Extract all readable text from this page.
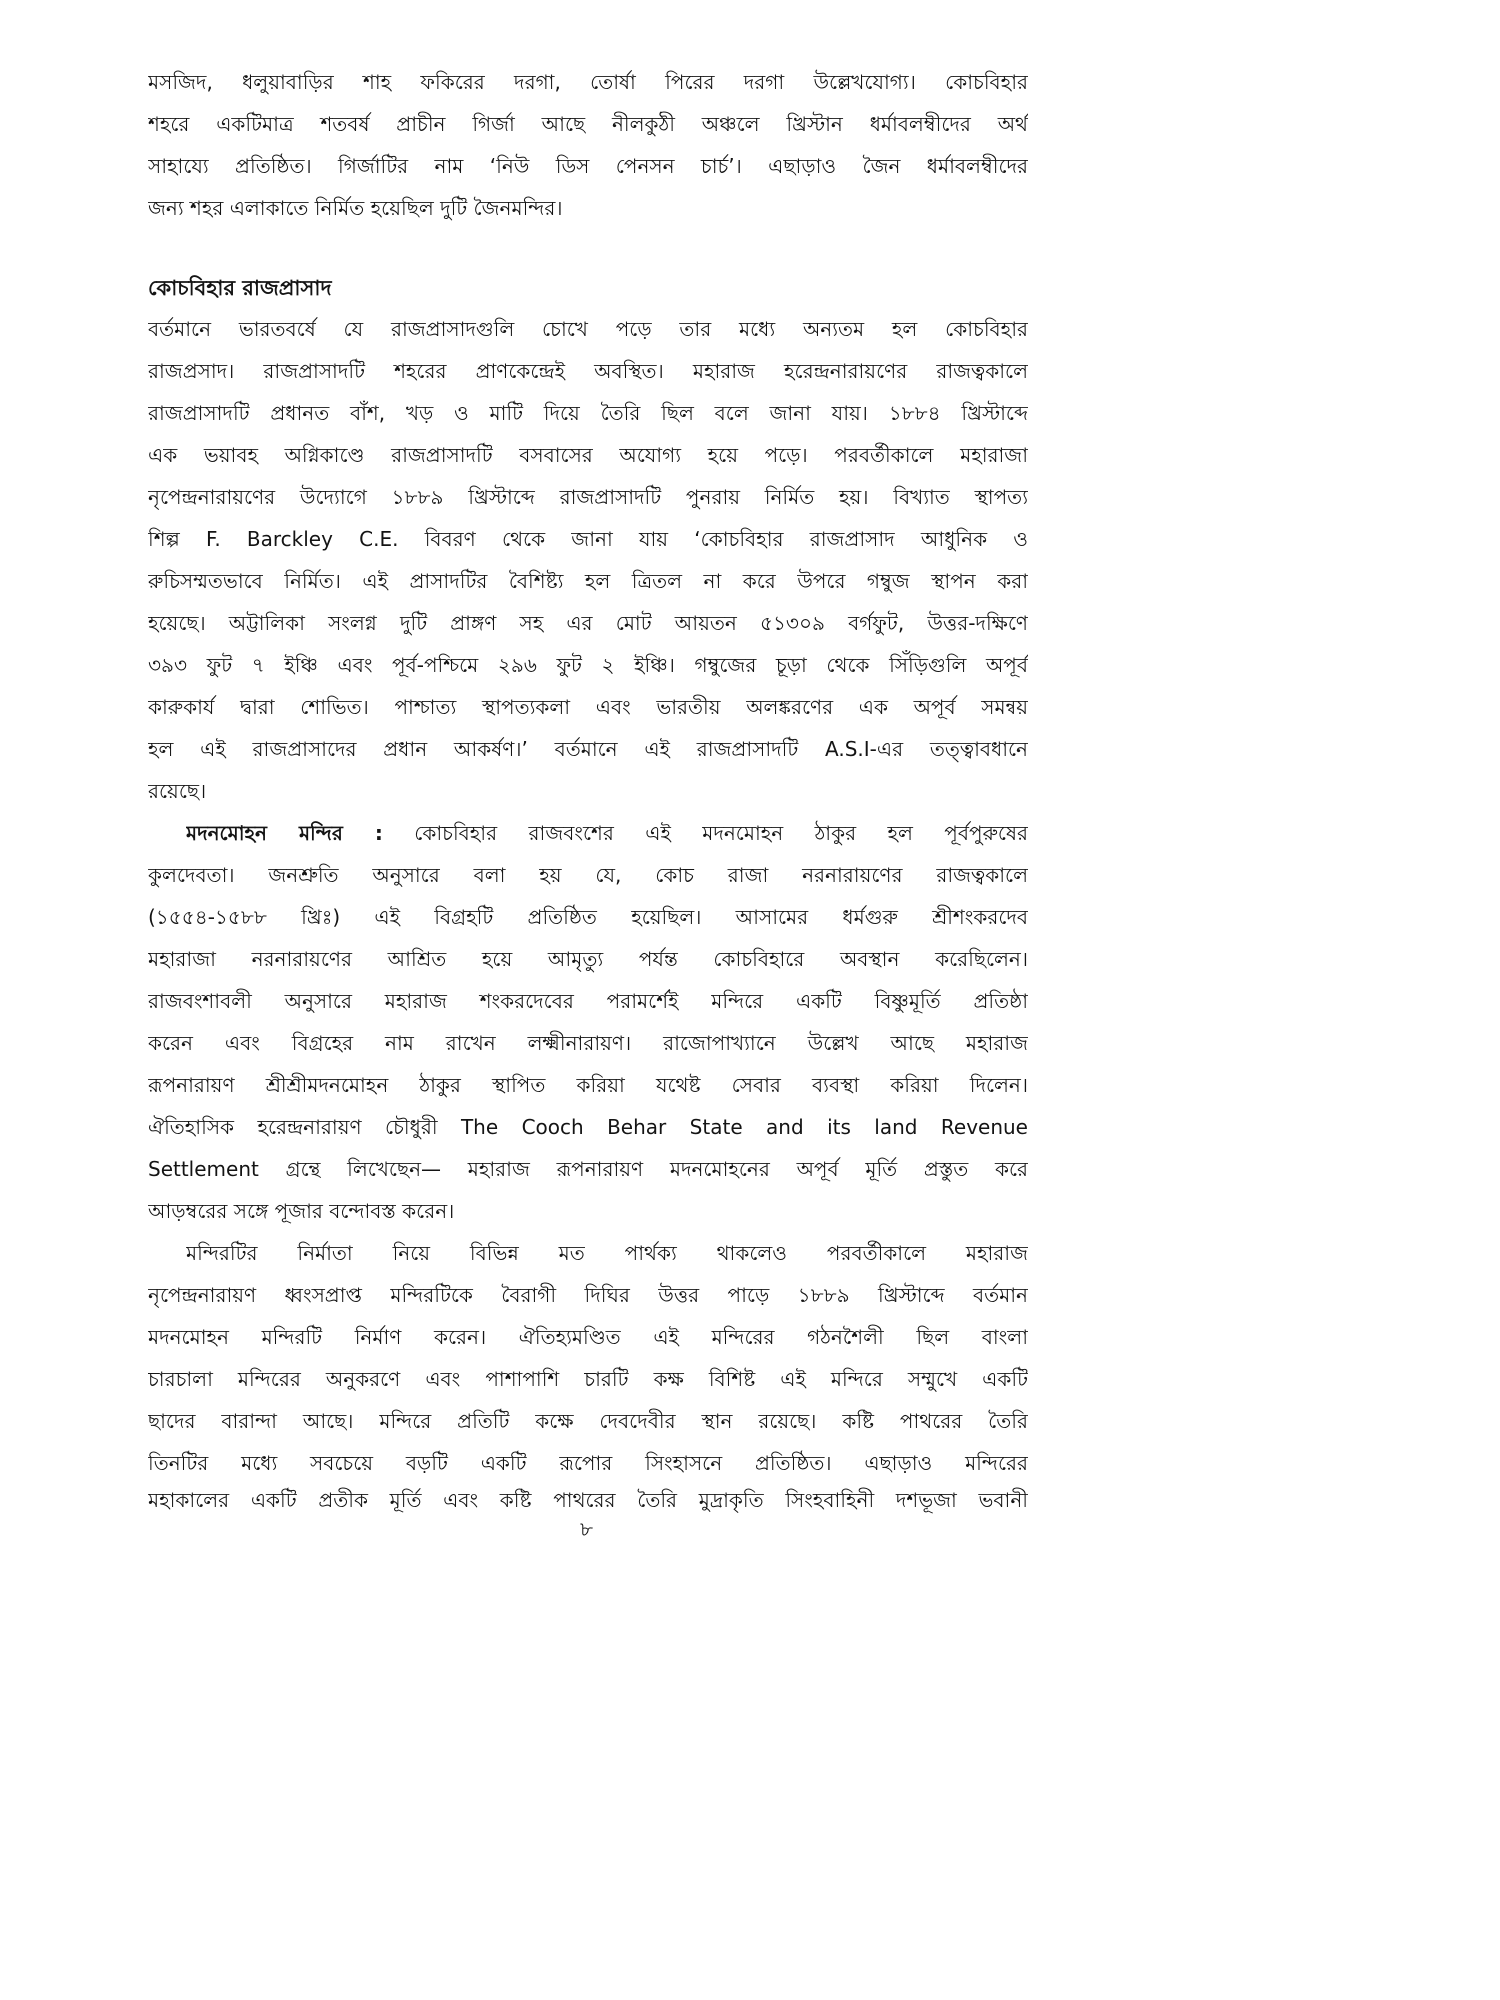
মসজিদ, ধলুয়াবাড়ির শাহ ফকিরের দরগা, তোর্ষা পিরের দরগা উল্লেখযোগ্য। কোচবিহার
শহরে একটিমাত্র শতবর্ষ প্রাচীন গির্জা আছে নীলকুঠী অঞ্চলে খ্রিস্টান ধর্মাবলম্বীদের অর্থ
সাহায্যে প্রতিষ্ঠিত। গির্জাটির নাম ‘নিউ ডিস পেনসন চার্চ’। এছাড়াও জৈন ধর্মাবলম্বীদের
জন্য শহর এলাকাতে নির্মিত হয়েছিল দুটি জৈনমন্দির।
কোচবিহার রাজপ্রাসাদ
বর্তমানে ভারতবর্ষে যে রাজপ্রাসাদগুলি চোখে পড়ে তার মধ্যে অন্যতম হল কোচবিহার
রাজপ্রসাদ। রাজপ্রাসাদটি শহরের প্রাণকেন্দ্রেই অবস্থিত। মহারাজ হরেন্দ্রনারায়ণের রাজত্বকালে
রাজপ্রাসাদটি প্রধানত বাঁশ, খড় ও মাটি দিয়ে তৈরি ছিল বলে জানা যায়। ১৮৮৪ খ্রিস্টাব্দে
এক ভয়াবহ অগ্নিকাণ্ডে রাজপ্রাসাদটি বসবাসের অযোগ্য হয়ে পড়ে। পরবর্তীকালে মহারাজা
নৃপেন্দ্রনারায়ণের উদ্যোগে ১৮৮৯ খ্রিস্টাব্দে রাজপ্রাসাদটি পুনরায় নির্মিত হয়। বিখ্যাত স্থাপত্য
শিল্প F. Barckley C.E. বিবরণ থেকে জানা যায় ‘কোচবিহার রাজপ্রাসাদ আধুনিক ও
রুচিসম্মতভাবে নির্মিত। এই প্রাসাদটির বৈশিষ্ট্য হল ত্রিতল না করে উপরে গম্বুজ স্থাপন করা
হয়েছে। অট্টালিকা সংলগ্ন দুটি প্রাঙ্গণ সহ এর মোট আয়তন ৫১৩০৯ বর্গফুট, উত্তর-দক্ষিণে
৩৯৩ ফুট ৭ ইঞ্চি এবং পূর্ব-পশ্চিমে ২৯৬ ফুট ২ ইঞ্চি। গম্বুজের চূড়া থেকে সিঁড়িগুলি অপূর্ব
কারুকার্য দ্বারা শোভিত। পাশ্চাত্য স্থাপত্যকলা এবং ভারতীয় অলঙ্করণের এক অপূর্ব সমন্বয়
হল এই রাজপ্রাসাদের প্রধান আকর্ষণ।’ বর্তমানে এই রাজপ্রাসাদটি A.S.I-এর তত্ত্বাবধানে
রয়েছে।
মদনমোহন মন্দির : কোচবিহার রাজবংশের এই মদনমোহন ঠাকুর হল পূর্বপুরুষের
কুলদেবতা। জনশ্রুতি অনুসারে বলা হয় যে, কোচ রাজা নরনারায়ণের রাজত্বকালে
(১৫৫৪-১৫৮৮ খ্রিঃ) এই বিগ্রহটি প্রতিষ্ঠিত হয়েছিল। আসামের ধর্মগুরু শ্রীশংকরদেব
মহারাজা নরনারায়ণের আশ্রিত হয়ে আমৃত্যু পর্যন্ত কোচবিহারে অবস্থান করেছিলেন।
রাজবংশাবলী অনুসারে মহারাজ শংকরদেবের পরামর্শেই মন্দিরে একটি বিষ্ণুমূর্তি প্রতিষ্ঠা
করেন এবং বিগ্রহের নাম রাখেন লক্ষ্মীনারায়ণ। রাজোপাখ্যানে উল্লেখ আছে মহারাজ
রূপনারায়ণ শ্রীশ্রীমদনমোহন ঠাকুর স্থাপিত করিয়া যথেষ্ট সেবার ব্যবস্থা করিয়া দিলেন।
ঐতিহাসিক হরেন্দ্রনারায়ণ চৌধুরী The Cooch Behar State and its land Revenue
Settlement গ্রন্থে লিখেছেন— মহারাজ রূপনারায়ণ মদনমোহনের অপূর্ব মূর্তি প্রস্তুত করে
আড়ম্বরের সঙ্গে পূজার বন্দোবস্ত করেন।
মন্দিরটির নির্মাতা নিয়ে বিভিন্ন মত পার্থক্য থাকলেও পরবর্তীকালে মহারাজ
নৃপেন্দ্রনারায়ণ ধ্বংসপ্রাপ্ত মন্দিরটিকে বৈরাগী দিঘির উত্তর পাড়ে ১৮৮৯ খ্রিস্টাব্দে বর্তমান
মদনমোহন মন্দিরটি নির্মাণ করেন। ঐতিহ্যমণ্ডিত এই মন্দিরের গঠনশৈলী ছিল বাংলা
চারচালা মন্দিরের অনুকরণে এবং পাশাপাশি চারটি কক্ষ বিশিষ্ট এই মন্দিরে সম্মুখে একটি
ছাদের বারান্দা আছে। মন্দিরে প্রতিটি কক্ষে দেবদেবীর স্থান রয়েছে। কষ্টি পাথরের তৈরি
তিনটির মধ্যে সবচেয়ে বড়টি একটি রূপোর সিংহাসনে প্রতিষ্ঠিত। এছাড়াও মন্দিরের
মহাকালের একটি প্রতীক মূর্তি এবং কষ্টি পাথরের তৈরি মুদ্রাকৃতি সিংহবাহিনী দশভূজা ভবানী
৮
